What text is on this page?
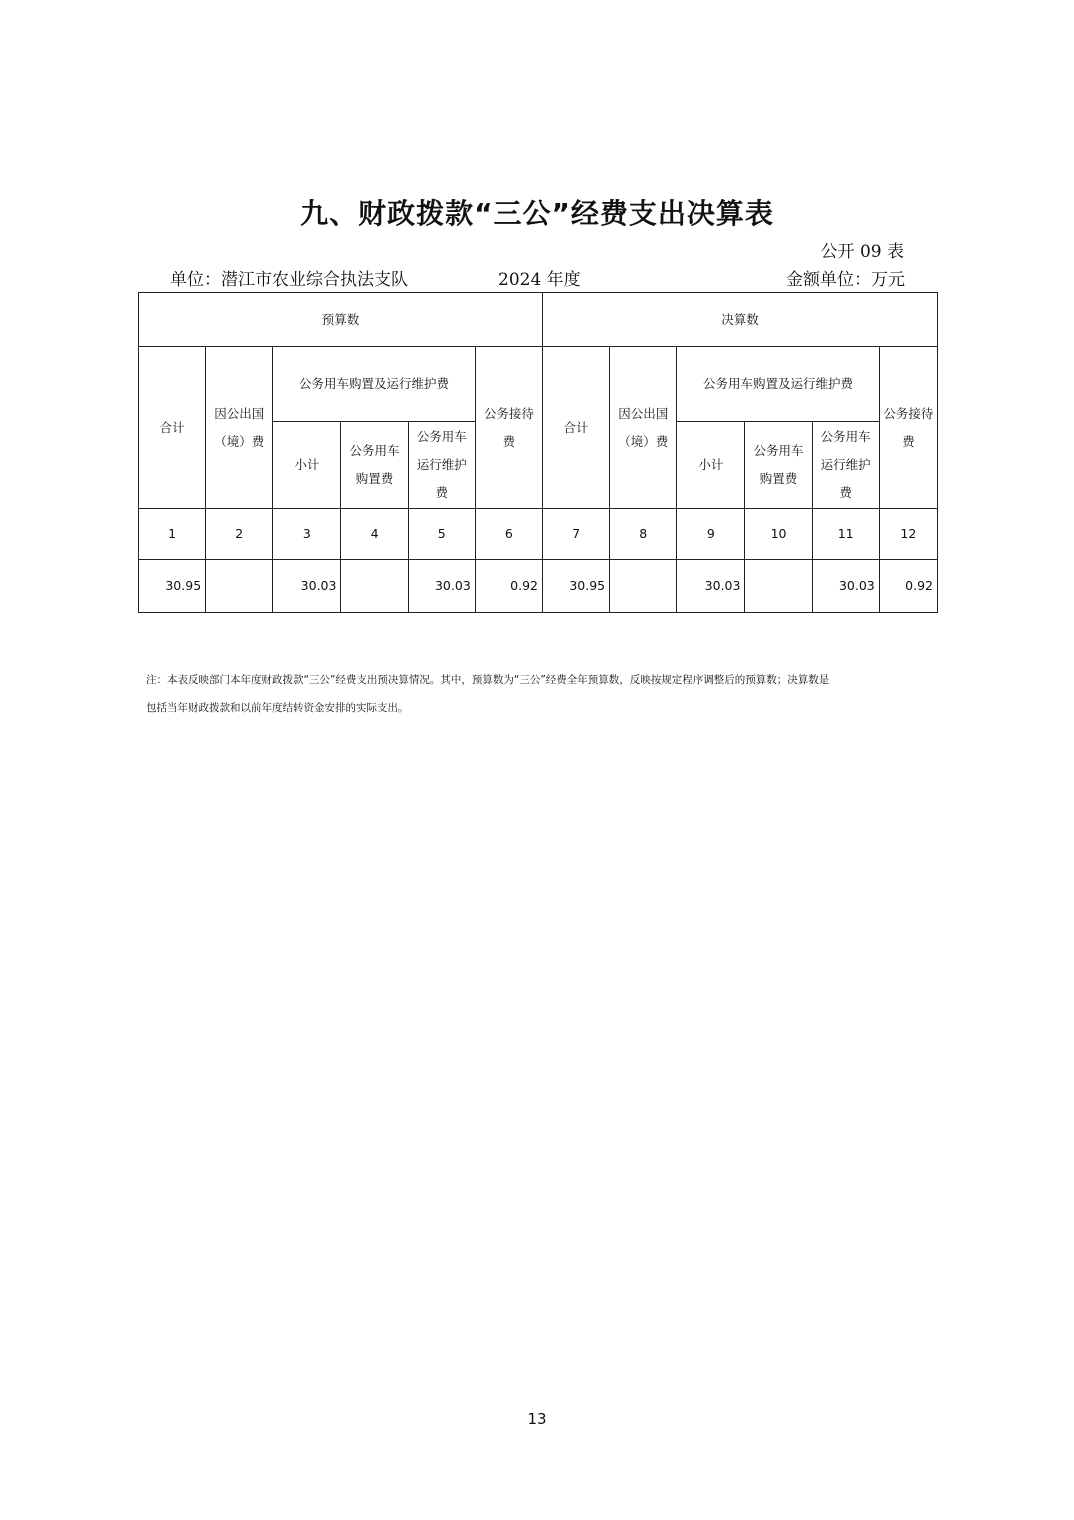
九、财政拨款“三公”经费支出决算表
公开 09 表
单位：潜江市农业综合执法支队	2024 年度	金额单位：万元
预算数						决算数					
合计	因公出国（境）费	公务用车购置及运行维护费			公务接待费	合计	因公出国（境）费	公务用车购置及运行维护费			公务接待费
		小计	公务用车购置费	公务用车运行维护费				小计	公务用车购置费	公务用车运行维护费	
1	2	3	4	5	6	7	8	9	10	11	12
30.95		30.03		30.03	0.92	30.95		30.03		30.03	0.92
注：本表反映部门本年度财政拨款“三公”经费支出预决算情况。其中，预算数为“三公”经费全年预算数，反映按规定程序调整后的预算数；决算数是
包括当年财政拨款和以前年度结转资金安排的实际支出。
13
